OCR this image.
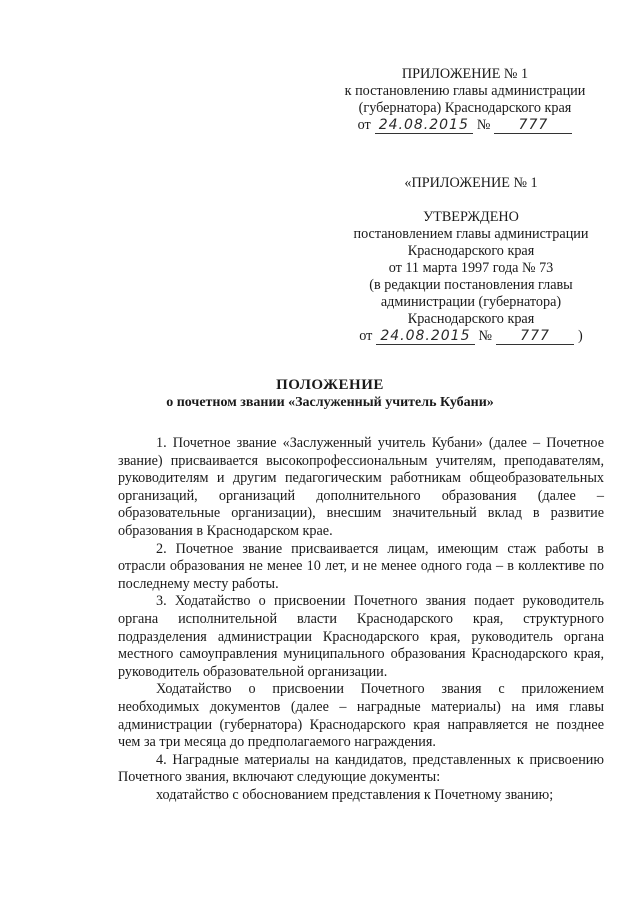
ПРИЛОЖЕНИЕ № 1
к постановлению главы администрации
(губернатора) Краснодарского края
от 24.08.2015 №	777
«ПРИЛОЖЕНИЕ № 1
УТВЕРЖДЕНО
постановлением главы администрации
Краснодарского края
от 11 марта 1997 года № 73
(в редакции постановления главы
администрации (губернатора)
Краснодарского края
от 24.08.2015 №	777	)
ПОЛОЖЕНИЕ
о почетном звании «Заслуженный учитель Кубани»

1. Почетное звание «Заслуженный учитель Кубани» (далее – Почетное звание) присваивается высокопрофессиональным учителям, преподавателям, руководителям и другим педагогическим работникам общеобразовательных организаций, организаций дополнительного образования (далее – образовательные организации), внесшим значительный вклад в развитие образования в Краснодарском крае.

2. Почетное звание присваивается лицам, имеющим стаж работы в отрасли образования не менее 10 лет, и не менее одного года – в коллективе по последнему месту работы.

3. Ходатайство о присвоении Почетного звания подает руководитель органа исполнительной власти Краснодарского края, структурного подразделения администрации Краснодарского края, руководитель органа местного самоуправления муниципального образования Краснодарского края, руководитель образовательной организации.

Ходатайство о присвоении Почетного звания с приложением необходимых документов (далее – наградные материалы) на имя главы администрации (губернатора) Краснодарского края направляется не позднее чем за три месяца до предполагаемого награждения.

4. Наградные материалы на кандидатов, представленных к присвоению Почетного звания, включают следующие документы:

ходатайство с обоснованием представления к Почетному званию;
